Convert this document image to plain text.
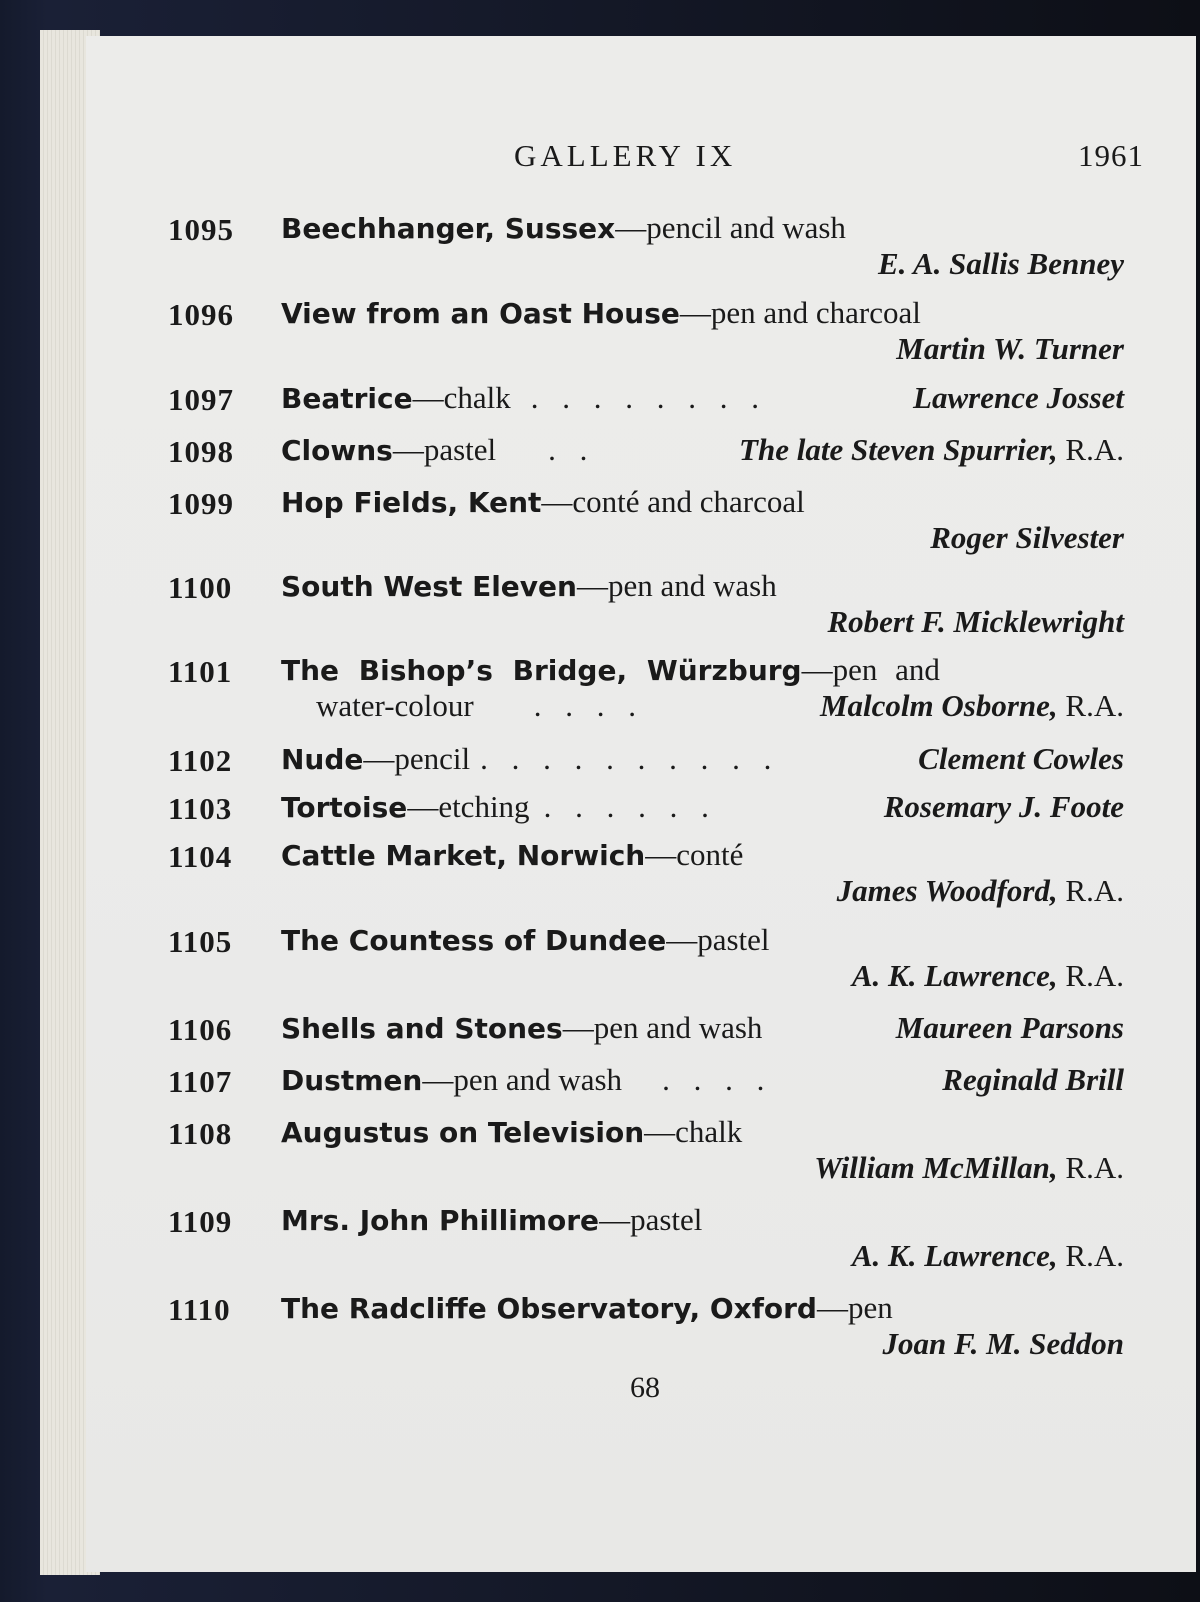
GALLERY IX	1961
1095 Beechhanger, Sussex—pencil and wash
E. A. Sallis Benney
1096 View from an Oast House—pen and charcoal
Martin W. Turner
1097 Beatrice—chalk . . . . . . . .	Lawrence Josset
1098 Clowns—pastel . .	The late Steven Spurrier, R.A.
1099 Hop Fields, Kent—conté and charcoal
Roger Silvester
1100 South West Eleven—pen and wash
Robert F. Micklewright
1101 The Bishop’s Bridge, Würzburg—pen and
water-colour . . . .	Malcolm Osborne, R.A.
1102 Nude—pencil . . . . . . . . . .	Clement Cowles
1103 Tortoise—etching . . . . . .	Rosemary J. Foote
1104 Cattle Market, Norwich—conté
James Woodford, R.A.
1105 The Countess of Dundee—pastel
A. K. Lawrence, R.A.
1106 Shells and Stones—pen and wash	Maureen Parsons
1107 Dustmen—pen and wash . . . .	Reginald Brill
1108 Augustus on Television—chalk
William McMillan, R.A.
1109 Mrs. John Phillimore—pastel
A. K. Lawrence, R.A.
1110 The Radcliffe Observatory, Oxford—pen
Joan F. M. Seddon
68
